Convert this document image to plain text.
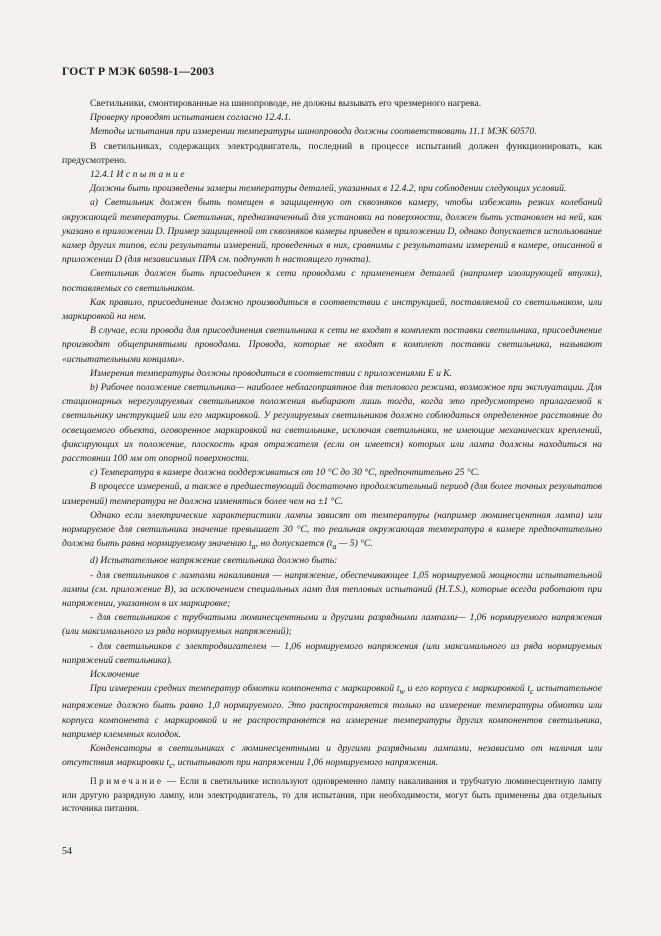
ГОСТ Р МЭК 60598-1—2003

Светильники, смонтированные на шинопроводе, не должны вызывать его чрезмерного нагрева.

Проверку проводят испытанием согласно 12.4.1.

Методы испытания при измерении температуры шинопровода должны соответствовать 11.1 МЭК 60570.

В светильниках, содержащих электродвигатель, последний в процессе испытаний должен функционировать, как предусмотрено.

12.4.1 Испытание

Должны быть произведены замеры температуры деталей, указанных в 12.4.2, при соблюдении следующих условий.

а) Светильник должен быть помещен в защищенную от сквозняков камеру, чтобы избежать резких колебаний окружающей температуры. Светильник, предназначенный для установки на поверхности, должен быть установлен на ней, как указано в приложении D. Пример защищенной от сквозняков камеры приведен в приложении D, однако допускается использование камер других типов, если результаты измерений, проведенных в них, сравнимы с результатами измерений в камере, описанной в приложении D (для независимых ПРА см. подпункт h настоящего пункта).

Светильник должен быть присоединен к сети проводами с применением деталей (например изолирующей втулки), поставляемых со светильником.

Как правило, присоединение должно производиться в соответствии с инструкцией, поставляемой со светильником, или маркировкой на нем.

В случае, если провода для присоединения светильника к сети не входят в комплект поставки светильника, присоединение производят общепринятыми проводами. Провода, которые не входят в комплект поставки светильника, называют «испытательными концами».

Измерения температуры должны проводиться в соответствии с приложениями E и K.

b) Рабочее положение светильника— наиболее неблагоприятное для теплового режима, возможное при эксплуатации. Для стационарных нерегулируемых светильников положения выбирают лишь тогда, когда это предусмотрено прилагаемой к светильнику инструкцией или его маркировкой. У регулируемых светильников должно соблюдаться определенное расстояние до освещаемого объекта, оговоренное маркировкой на светильнике, исключая светильники, не имеющие механических креплений, фиксирующих их положение, плоскость края отражателя (если он имеется) которых или лампа должны находиться на расстоянии 100 мм от опорной поверхности.

с) Температура в камере должна поддерживаться от 10 °С до 30 °С, предпочтительно 25 °С.

В процессе измерений, а также в предшествующий достаточно продолжительный период (для более точных результатов измерений) температура не должна изменяться более чем на ±1 °С.

Однако если электрические характеристики лампы зависят от температуры (например люминесцентная лампа) или нормируемое для светильника значение превышает 30 °С, то реальная окружающая температура в камере предпочтительно должна быть равна нормируемому значению $t_а$, но допускается ($t_а$ — 5) °С.

d) Испытательное напряжение светильника должно быть:

- для светильников с лампами накаливания — напряжение, обеспечивающее 1,05 нормируемой мощности испытательной лампы (см. приложение В), за исключением специальных ламп для тепловых испытаний (Н.Т.S.), которые всегда работают при напряжении, указанном в их маркировке;

- для светильников с трубчатыми люминесцентными и другими разрядными лампами— 1,06 нормируемого напряжения (или максимального из ряда нормируемых напряжений);

- для светильников с электродвигателем — 1,06 нормируемого напряжения (или максимального из ряда нормируемых напряжений светильника).

Исключение

При измерении средних температур обмотки компонента с маркировкой $t_w$ и его корпуса с маркировкой $t_с$ испытательное напряжение должно быть равно 1,0 нормируемого. Это распространяется только на измерение температуры обмотки или корпуса компонента с маркировкой и не распространяется на измерение температуры других компонентов светильника, например клеммных колодок.

Конденсаторы в светильниках с люминесцентными и другими разрядными лампами, независимо от наличия или отсутствия маркировки $t_с$, испытывают при напряжении 1,06 нормируемого напряжения.

Примечание — Если в светильнике используют одновременно лампу накаливания и трубчатую люминесцентную лампу или другую разрядную лампу, или электродвигатель, то для испытания, при необходимости, могут быть применены два отдельных источника питания.

54
